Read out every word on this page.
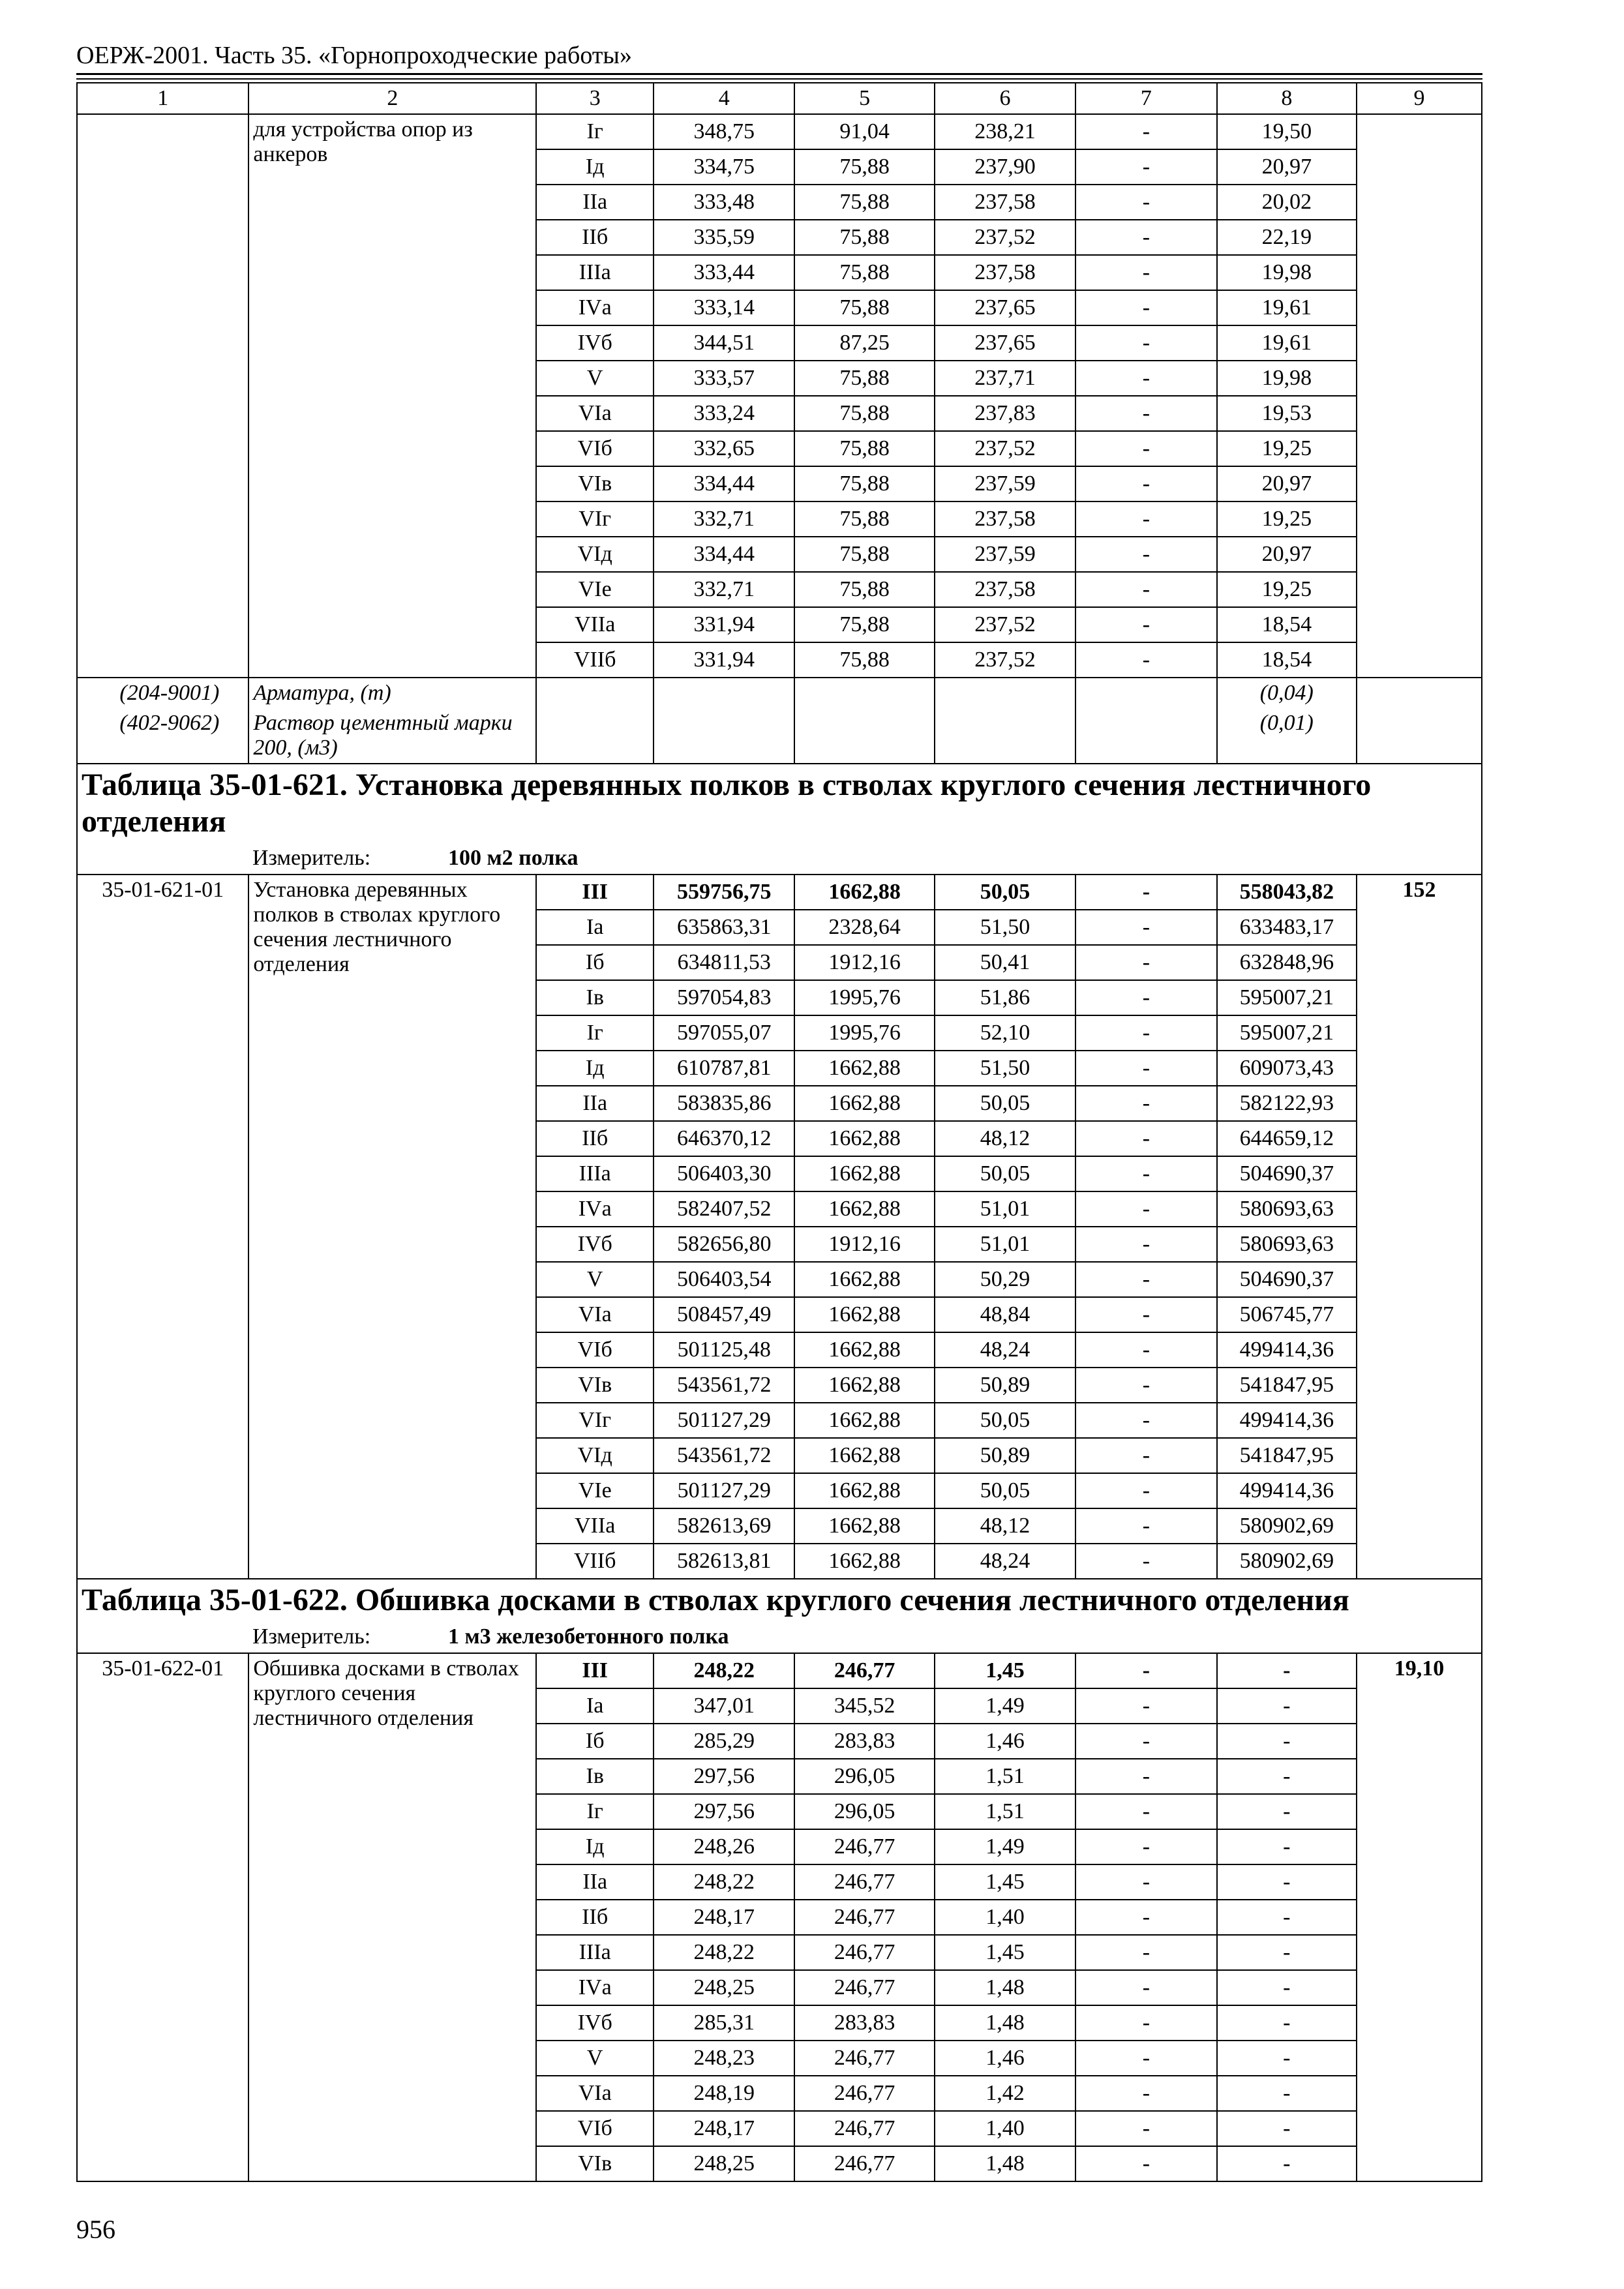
ОЕРЖ-2001. Часть 35. «Горнопроходческие работы»
1	2	3	4	5	6	7	8	9
	для устройства опор из анкеров	Iг	348,75	91,04	238,21	-	19,50	
		Iд	334,75	75,88	237,90	-	20,97	
		IIа	333,48	75,88	237,58	-	20,02	
		IIб	335,59	75,88	237,52	-	22,19	
		IIIа	333,44	75,88	237,58	-	19,98	
		IVа	333,14	75,88	237,65	-	19,61	
		IVб	344,51	87,25	237,65	-	19,61	
		V	333,57	75,88	237,71	-	19,98	
		VIа	333,24	75,88	237,83	-	19,53	
		VIб	332,65	75,88	237,52	-	19,25	
		VIв	334,44	75,88	237,59	-	20,97	
		VIг	332,71	75,88	237,58	-	19,25	
		VIд	334,44	75,88	237,59	-	20,97	
		VIе	332,71	75,88	237,58	-	19,25	
		VIIа	331,94	75,88	237,52	-	18,54	
		VIIб	331,94	75,88	237,52	-	18,54	
(204-9001)	Арматура, (т)						(0,04)	
(402-9062)	Раствор цементный марки 200, (м3)						(0,01)	

Таблица 35-01-621. Установка деревянных полков в стволах круглого сечения лестничного отделения
Измеритель: 100 м2 полка								

35-01-621-01	Установка деревянных полков в стволах круглого сечения лестничного отделения	III	559756,75	1662,88	50,05	-	558043,82	152
		Iа	635863,31	2328,64	51,50	-	633483,17	
		Iб	634811,53	1912,16	50,41	-	632848,96	
		Iв	597054,83	1995,76	51,86	-	595007,21	
		Iг	597055,07	1995,76	52,10	-	595007,21	
		Iд	610787,81	1662,88	51,50	-	609073,43	
		IIа	583835,86	1662,88	50,05	-	582122,93	
		IIб	646370,12	1662,88	48,12	-	644659,12	
		IIIа	506403,30	1662,88	50,05	-	504690,37	
		IVа	582407,52	1662,88	51,01	-	580693,63	
		IVб	582656,80	1912,16	51,01	-	580693,63	
		V	506403,54	1662,88	50,29	-	504690,37	
		VIа	508457,49	1662,88	48,84	-	506745,77	
		VIб	501125,48	1662,88	48,24	-	499414,36	
		VIв	543561,72	1662,88	50,89	-	541847,95	
		VIг	501127,29	1662,88	50,05	-	499414,36	
		VIд	543561,72	1662,88	50,89	-	541847,95	
		VIе	501127,29	1662,88	50,05	-	499414,36	
		VIIа	582613,69	1662,88	48,12	-	580902,69	
		VIIб	582613,81	1662,88	48,24	-	580902,69	

Таблица 35-01-622. Обшивка досками в стволах круглого сечения лестничного отделения
Измеритель: 1 м3 железобетонного полка								

35-01-622-01	Обшивка досками в стволах круглого сечения лестничного отделения	III	248,22	246,77	1,45	-	-	19,10
		Iа	347,01	345,52	1,49	-	-	
		Iб	285,29	283,83	1,46	-	-	
		Iв	297,56	296,05	1,51	-	-	
		Iг	297,56	296,05	1,51	-	-	
		Iд	248,26	246,77	1,49	-	-	
		IIа	248,22	246,77	1,45	-	-	
		IIб	248,17	246,77	1,40	-	-	
		IIIа	248,22	246,77	1,45	-	-	
		IVа	248,25	246,77	1,48	-	-	
		IVб	285,31	283,83	1,48	-	-	
		V	248,23	246,77	1,46	-	-	
		VIа	248,19	246,77	1,42	-	-	
		VIб	248,17	246,77	1,40	-	-	
		VIв	248,25	246,77	1,48	-	-	
956
